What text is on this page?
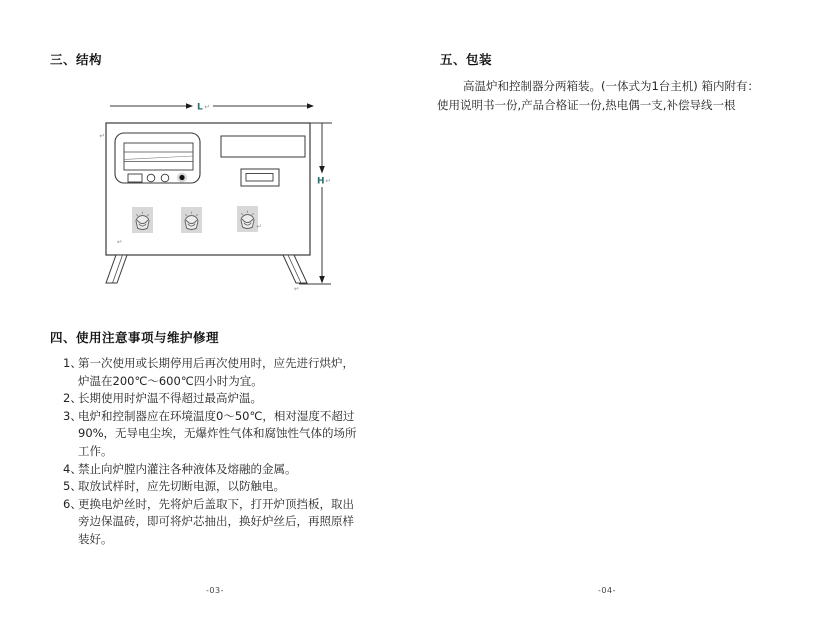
三、结构
L ↵
H ↵
↵
↵
↵
↵
四、使用注意事项与维护修理
1、
第一次使用或长期停用后再次使用时，应先进行烘炉，
炉温在200℃～600℃四小时为宜。
2、
长期使用时炉温不得超过最高炉温。
3、
电炉和控制器应在环境温度0～50℃，相对湿度不超过
90%，无导电尘埃，无爆炸性气体和腐蚀性气体的场所
工作。
4、
禁止向炉膛内灌注各种液体及熔融的金属。
5、
取放试样时，应先切断电源，以防触电。
6、
更换电炉丝时，先将炉后盖取下，打开炉顶挡板，取出
旁边保温砖，即可将炉芯抽出，换好炉丝后，再照原样
装好。
五、包装
高温炉和控制器分两箱装。(一体式为1台主机) 箱内附有：
使用说明书一份,产品合格证一份,热电偶一支,补偿导线一根
-03-	-04-
